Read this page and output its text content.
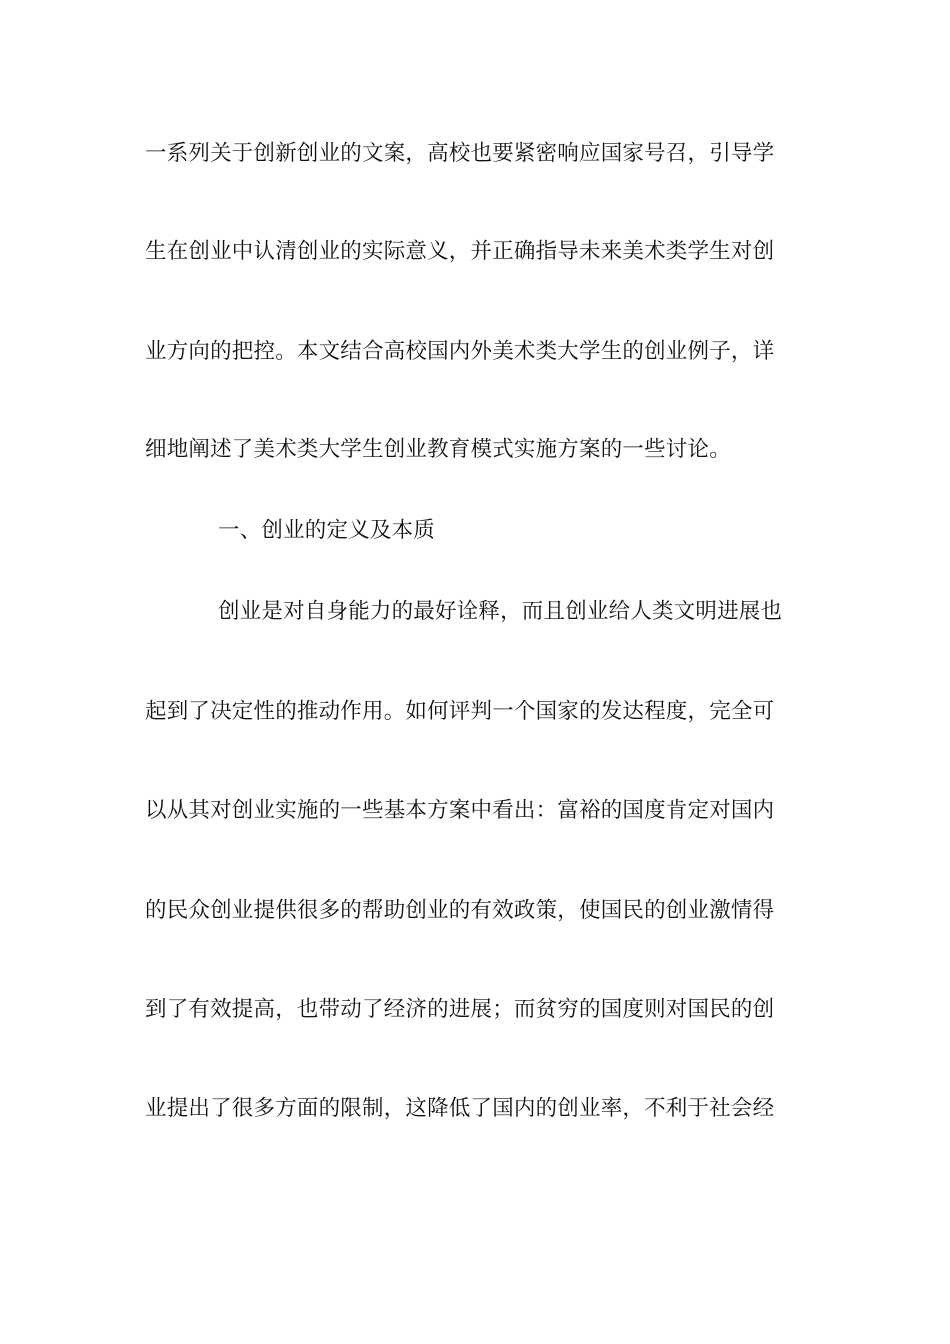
一系列关于创新创业的文案，高校也要紧密响应国家号召，引导学
生在创业中认清创业的实际意义，并正确指导未来美术类学生对创
业方向的把控。本文结合高校国内外美术类大学生的创业例子，详
细地阐述了美术类大学生创业教育模式实施方案的一些讨论。
一、创业的定义及本质
创业是对自身能力的最好诠释，而且创业给人类文明进展也
起到了决定性的推动作用。如何评判一个国家的发达程度，完全可
以从其对创业实施的一些基本方案中看出：富裕的国度肯定对国内
的民众创业提供很多的帮助创业的有效政策，使国民的创业激情得
到了有效提高，也带动了经济的进展；而贫穷的国度则对国民的创
业提出了很多方面的限制，这降低了国内的创业率，不利于社会经
